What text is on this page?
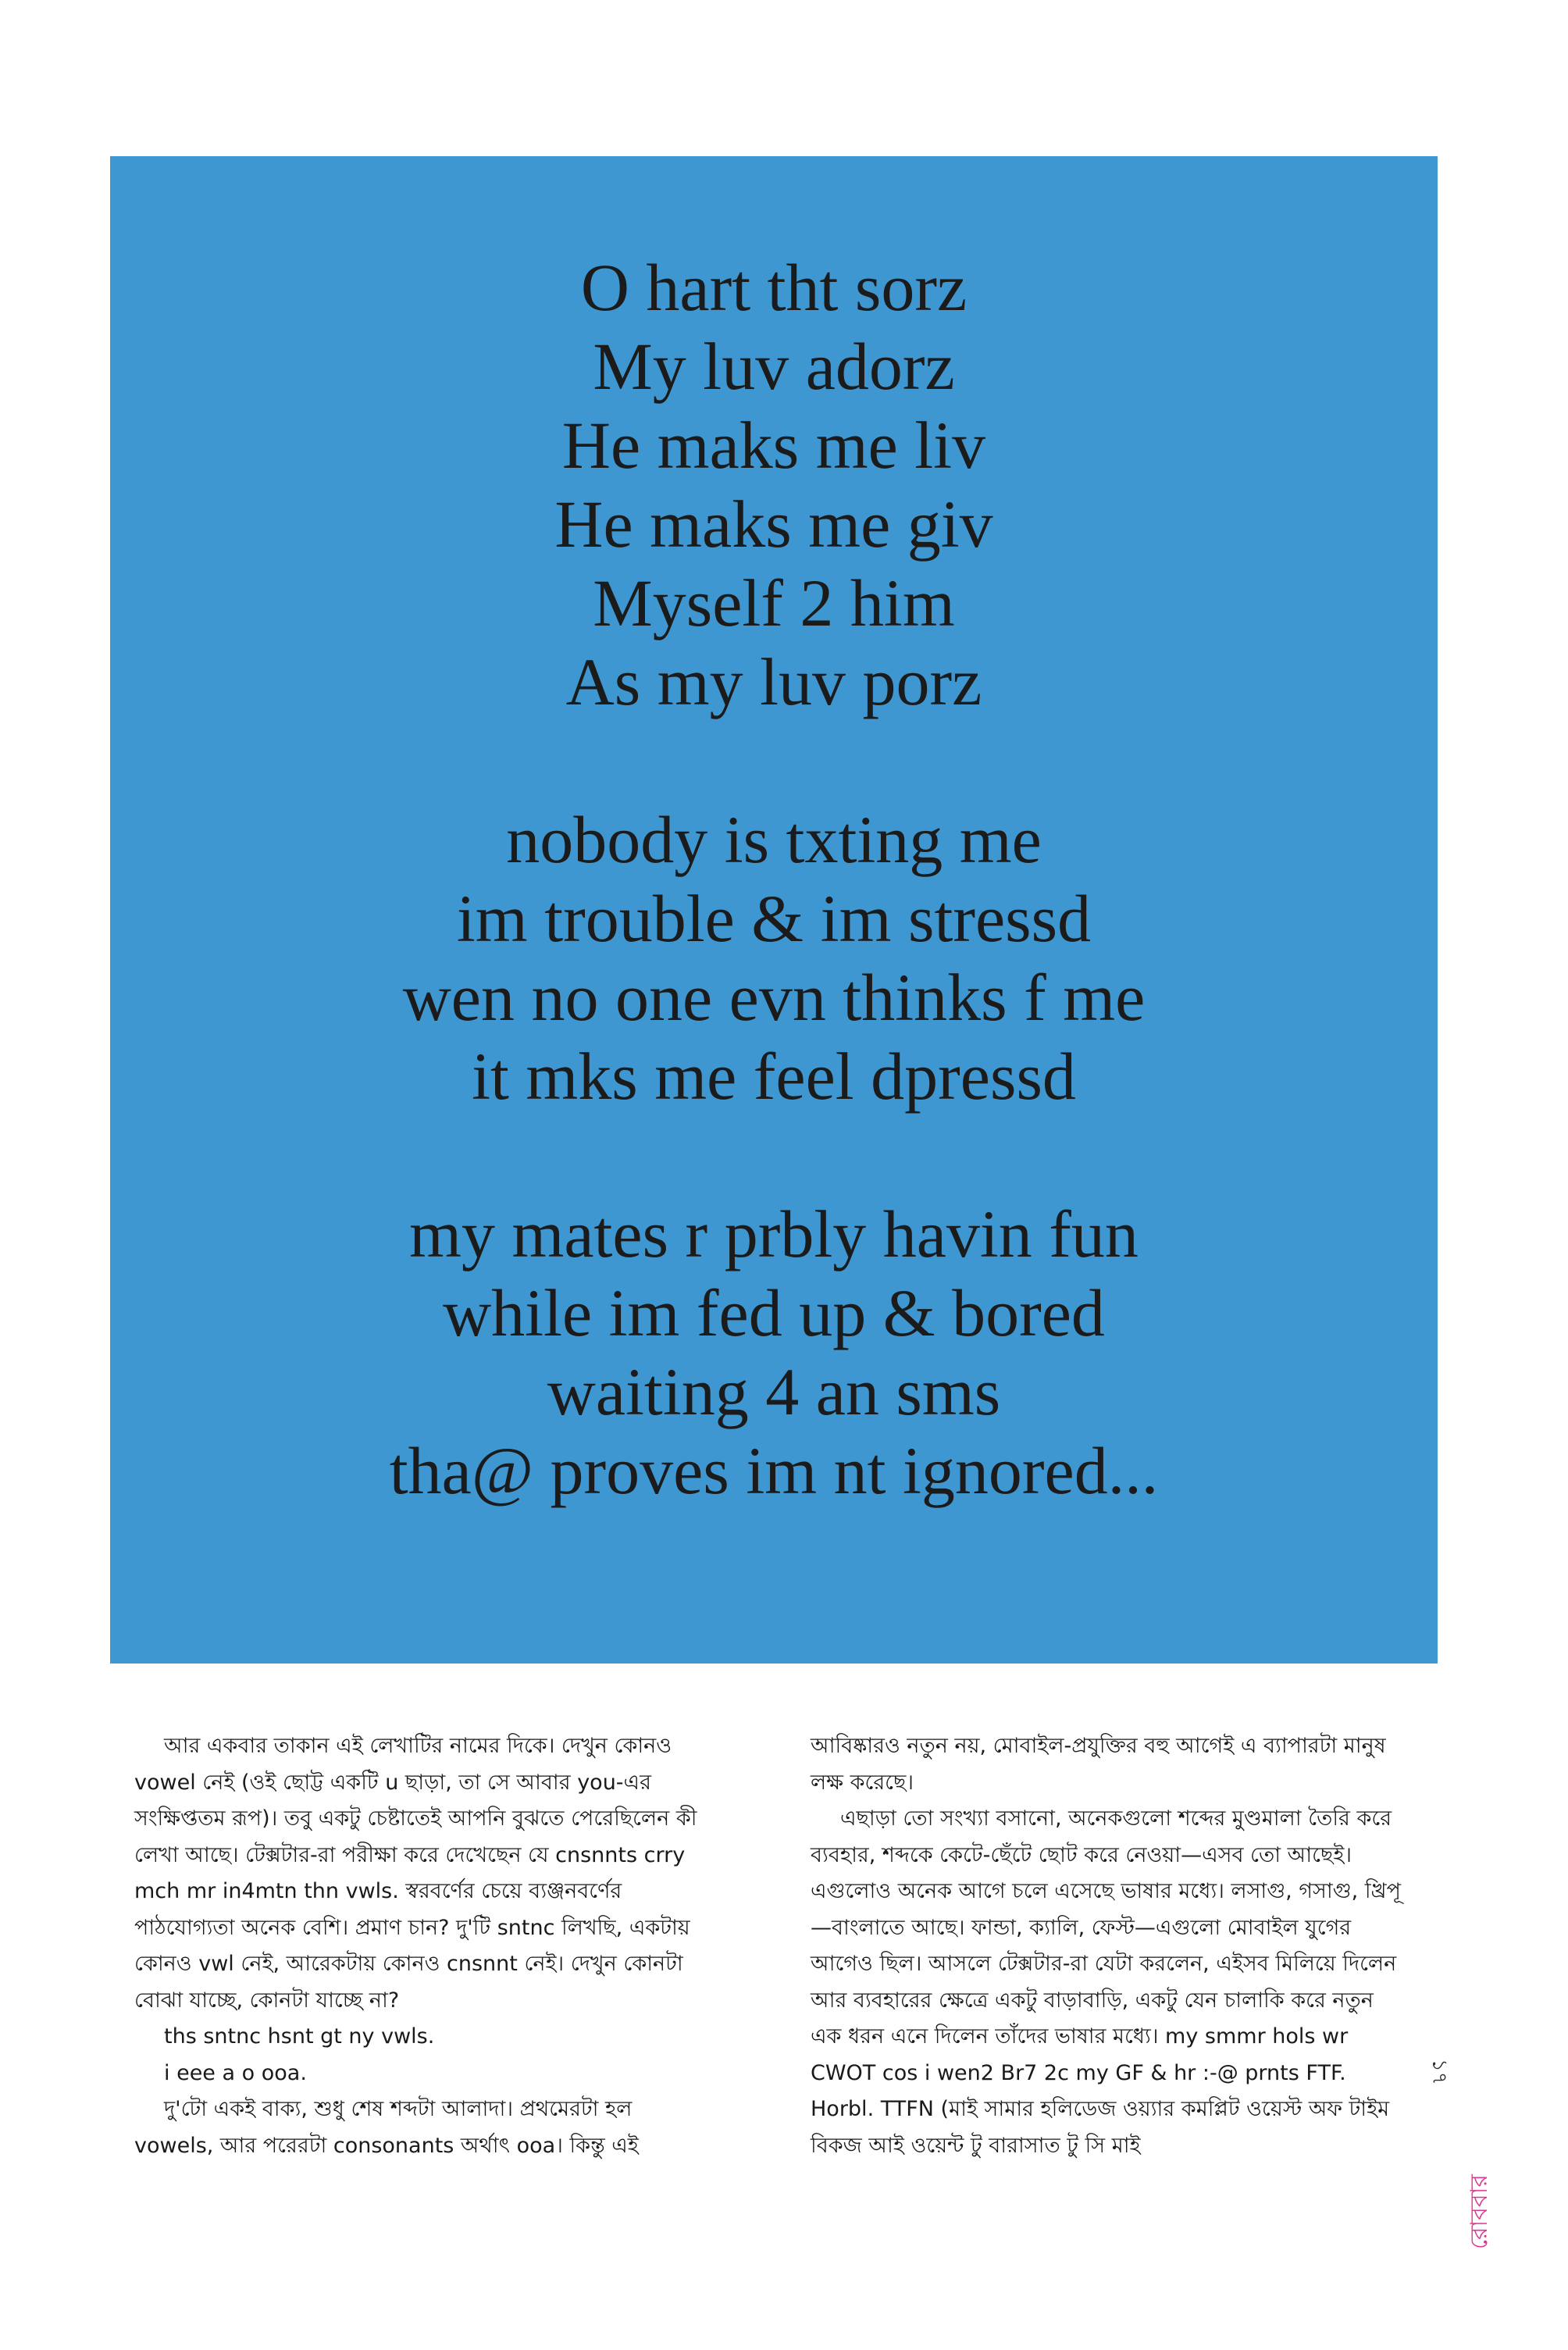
O hart tht sorz
My luv adorz
He maks me liv
He maks me giv
Myself 2 him
As my luv porz
nobody is txting me
im trouble & im stressd
wen no one evn thinks f me
it mks me feel dpressd
my mates r prbly havin fun
while im fed up & bored
waiting 4 an sms
tha@ proves im nt ignored...

আর একবার তাকান এই লেখাটির নামের দিকে। দেখুন কোনও vowel নেই (ওই ছোট্ট একটি u ছাড়া, তা সে আবার you-এর সংক্ষিপ্ততম রূপ)। তবু একটু চেষ্টাতেই আপনি বুঝতে পেরেছিলেন কী লেখা আছে। টেক্সটার-রা পরীক্ষা করে দেখেছেন যে cnsnnts crry mch mr in4mtn thn vwls. স্বরবর্ণের চেয়ে ব্যঞ্জনবর্ণের পাঠযোগ্যতা অনেক বেশি। প্রমাণ চান? দু'টি sntnc লিখছি, একটায় কোনও vwl নেই, আরেকটায় কোনও cnsnnt নেই। দেখুন কোনটা বোঝা যাচ্ছে, কোনটা যাচ্ছে না?

ths sntnc hsnt gt ny vwls.

i eee a o ooa.

দু'টো একই বাক্য, শুধু শেষ শব্দটা আলাদা। প্রথমেরটা হল vowels, আর পরেরটা consonants অর্থাৎ ooa। কিন্তু এই

আবিষ্কারও নতুন নয়, মোবাইল-প্রযুক্তির বহু আগেই এ ব্যাপারটা মানুষ লক্ষ করেছে।

এছাড়া তো সংখ্যা বসানো, অনেকগুলো শব্দের মুণ্ডমালা তৈরি করে ব্যবহার, শব্দকে কেটে-ছেঁটে ছোট করে নেওয়া—এসব তো আছেই। এগুলোও অনেক আগে চলে এসেছে ভাষার মধ্যে। লসাগু, গসাগু, খ্রিপূ—বাংলাতে আছে। ফান্ডা, ক্যালি, ফেস্ট—এগুলো মোবাইল যুগের আগেও ছিল। আসলে টেক্সটার-রা যেটা করলেন, এইসব মিলিয়ে দিলেন আর ব্যবহারের ক্ষেত্রে একটু বাড়াবাড়ি, একটু যেন চালাকি করে নতুন এক ধরন এনে দিলেন তাঁদের ভাষার মধ্যে। my smmr hols wr CWOT cos i wen2 Br7 2c my GF & hr :-@ prnts FTF. Horbl. TTFN (মাই সামার হলিডেজ ওয়্যার কমপ্লিট ওয়েস্ট অফ টাইম বিকজ আই ওয়েন্ট টু বারাসাত টু সি মাই

১৭
রোববার
